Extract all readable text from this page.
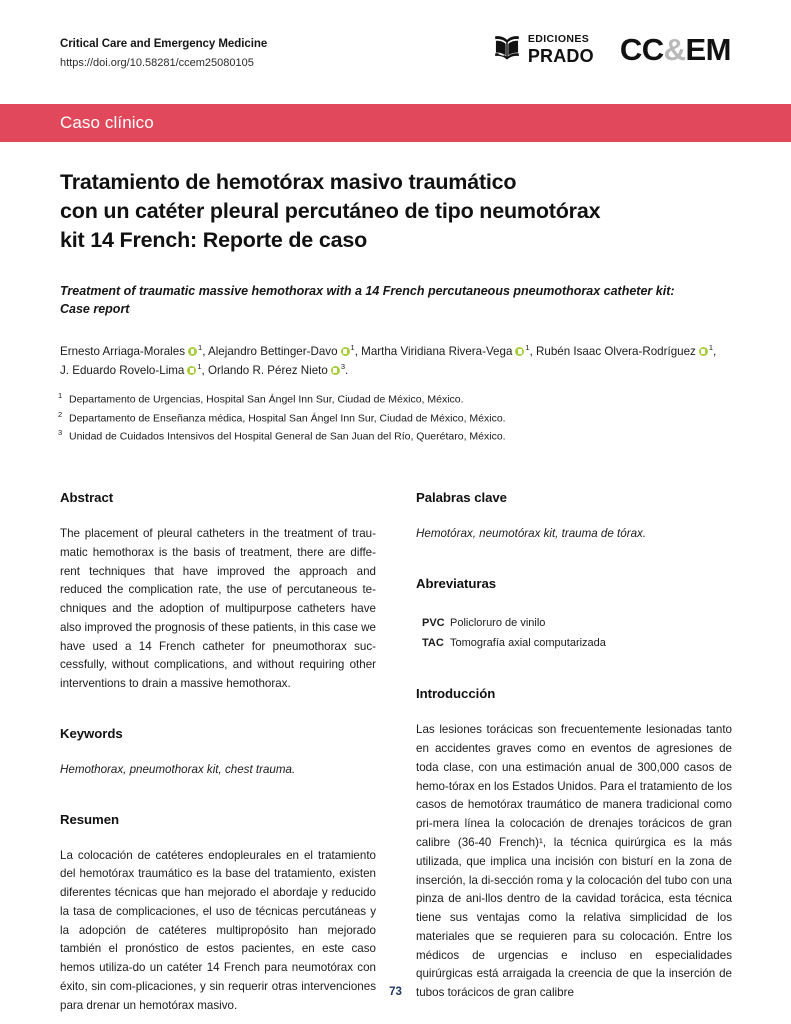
Critical Care and Emergency Medicine
https://doi.org/10.58281/ccem25080105
EDICIONES
PRADO CC&EM
Caso clínico
Tratamiento de hemotórax masivo traumático
con un catéter pleural percutáneo de tipo neumotórax
kit 14 French: Reporte de caso
Treatment of traumatic massive hemothorax with a 14 French percutaneous pneumothorax catheter kit:
Case report
Ernesto Arriaga-Morales $^1$, Alejandro Bettinger-Davo $^1$, Martha Viridiana Rivera-Vega $^1$, Rubén Isaac Olvera-Rodríguez $^1$,
J. Eduardo Rovelo-Lima $^1$, Orlando R. Pérez Nieto $^3$.
$^1$ Departamento de Urgencias, Hospital San Ángel Inn Sur, Ciudad de México, México.
$^2$ Departamento de Enseñanza médica, Hospital San Ángel Inn Sur, Ciudad de México, México.
$^3$ Unidad de Cuidados Intensivos del Hospital General de San Juan del Río, Querétaro, México.
Abstract

The placement of pleural catheters in the treatment of trau-matic hemothorax is the basis of treatment, there are diffe-rent techniques that have improved the approach and reduced the complication rate, the use of percutaneous te-chniques and the adoption of multipurpose catheters have also improved the prognosis of these patients, in this case we have used a 14 French catheter for pneumothorax suc-cessfully, without complications, and without requiring other interventions to drain a massive hemothorax.

Keywords

Hemothorax, pneumothorax kit, chest trauma.

Resumen

La colocación de catéteres endopleurales en el tratamiento del hemotórax traumático es la base del tratamiento, existen diferentes técnicas que han mejorado el abordaje y reducido la tasa de complicaciones, el uso de técnicas percutáneas y la adopción de catéteres multipropósito han mejorado también el pronóstico de estos pacientes, en este caso hemos utiliza-do un catéter 14 French para neumotórax con éxito, sin com-plicaciones, y sin requerir otras intervenciones para drenar un hemotórax masivo.

Palabras clave

Hemotórax, neumotórax kit, trauma de tórax.

Abreviaturas
PVC Policloruro de vinilo
TAC Tomografía axial computarizada
Introducción

Las lesiones torácicas son frecuentemente lesionadas tanto en accidentes graves como en eventos de agresiones de toda clase, con una estimación anual de 300,000 casos de hemo-tórax en los Estados Unidos. Para el tratamiento de los casos de hemotórax traumático de manera tradicional como pri-mera línea la colocación de drenajes torácicos de gran calibre (36-40 French)¹, la técnica quirúrgica es la más utilizada, que implica una incisión con bisturí en la zona de inserción, la di-sección roma y la colocación del tubo con una pinza de ani-llos dentro de la cavidad torácica, esta técnica tiene sus ventajas como la relativa simplicidad de los materiales que se requieren para su colocación. Entre los médicos de urgencias e incluso en especialidades quirúrgicas está arraigada la creencia de que la inserción de tubos torácicos de gran calibre

73
